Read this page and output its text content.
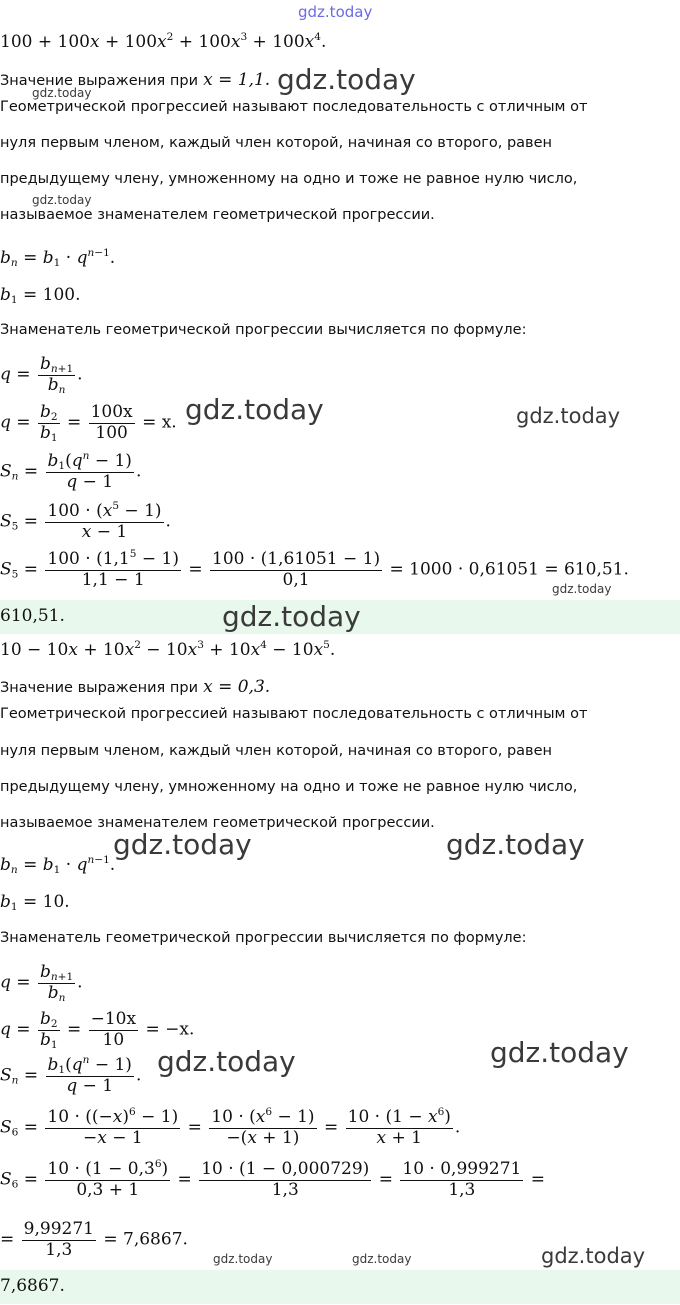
$100 + 100x + 100x^2 + 100x^3 + 100x^4$.
Значение выражения при x = 1,1.
Геометрической прогрессией называют последовательность с отличным от
нуля первым членом, каждый член которой, начиная со второго, равен
предыдущему члену, умноженному на одно и тоже не равное нулю число,
называемое знаменателем геометрической прогрессии.
$b_n = b_1 \cdot q^{n-1}$.
$b_1 = 100$.
Знаменатель геометрической прогрессии вычисляется по формуле:
$q = \frac{b_{n+1}}{b_n}$ .
$q = \frac{b_2}{b_1} = \frac{100x}{100} = x$.
$S_n = \frac{b_1(q^n - 1)}{q - 1}$ .
$S_5 = \frac{100 \cdot (x^5 - 1)}{x - 1}$ .
$S_5 = \frac{100 \cdot (1,1^5 - 1)}{1,1 - 1} = \frac{100 \cdot (1,61051 - 1)}{0,1} = 1000 \cdot 0,61051 = 610,51$.
610,51.
$10 - 10x + 10x^2 - 10x^3 + 10x^4 - 10x^5$.
Значение выражения при x = 0,3.
Геометрической прогрессией называют последовательность с отличным от
нуля первым членом, каждый член которой, начиная со второго, равен
предыдущему члену, умноженному на одно и тоже не равное нулю число,
называемое знаменателем геометрической прогрессии.
$b_n = b_1 \cdot q^{n-1}$.
$b_1 = 10$.
Знаменатель геометрической прогрессии вычисляется по формуле:
$q = \frac{b_{n+1}}{b_n}$ .
$q = \frac{b_2}{b_1} = \frac{-10x}{10} = -x$.
$S_n = \frac{b_1(q^n - 1)}{q - 1}$ .
$S_6 = \frac{10 \cdot ((-x)^6 - 1)}{-x - 1} = \frac{10 \cdot (x^6 - 1)}{-(x + 1)} = \frac{10 \cdot (1 - x^6)}{x + 1}$ .
$S_6 = \frac{10 \cdot (1 - 0,3^6)}{0,3 + 1} = \frac{10 \cdot (1 - 0,000729)}{1,3} = \frac{10 \cdot 0,999271}{1,3}$ =
= $\frac{9,99271}{1,3} = 7,6867$.
7,6867.
gdz.today
gdz.today
gdz.today
gdz.today
gdz.today	gdz.today
gdz.today
gdz.today
gdz.today	gdz.today
gdz.today	gdz.today
gdz.today	gdz.today	gdz.today
